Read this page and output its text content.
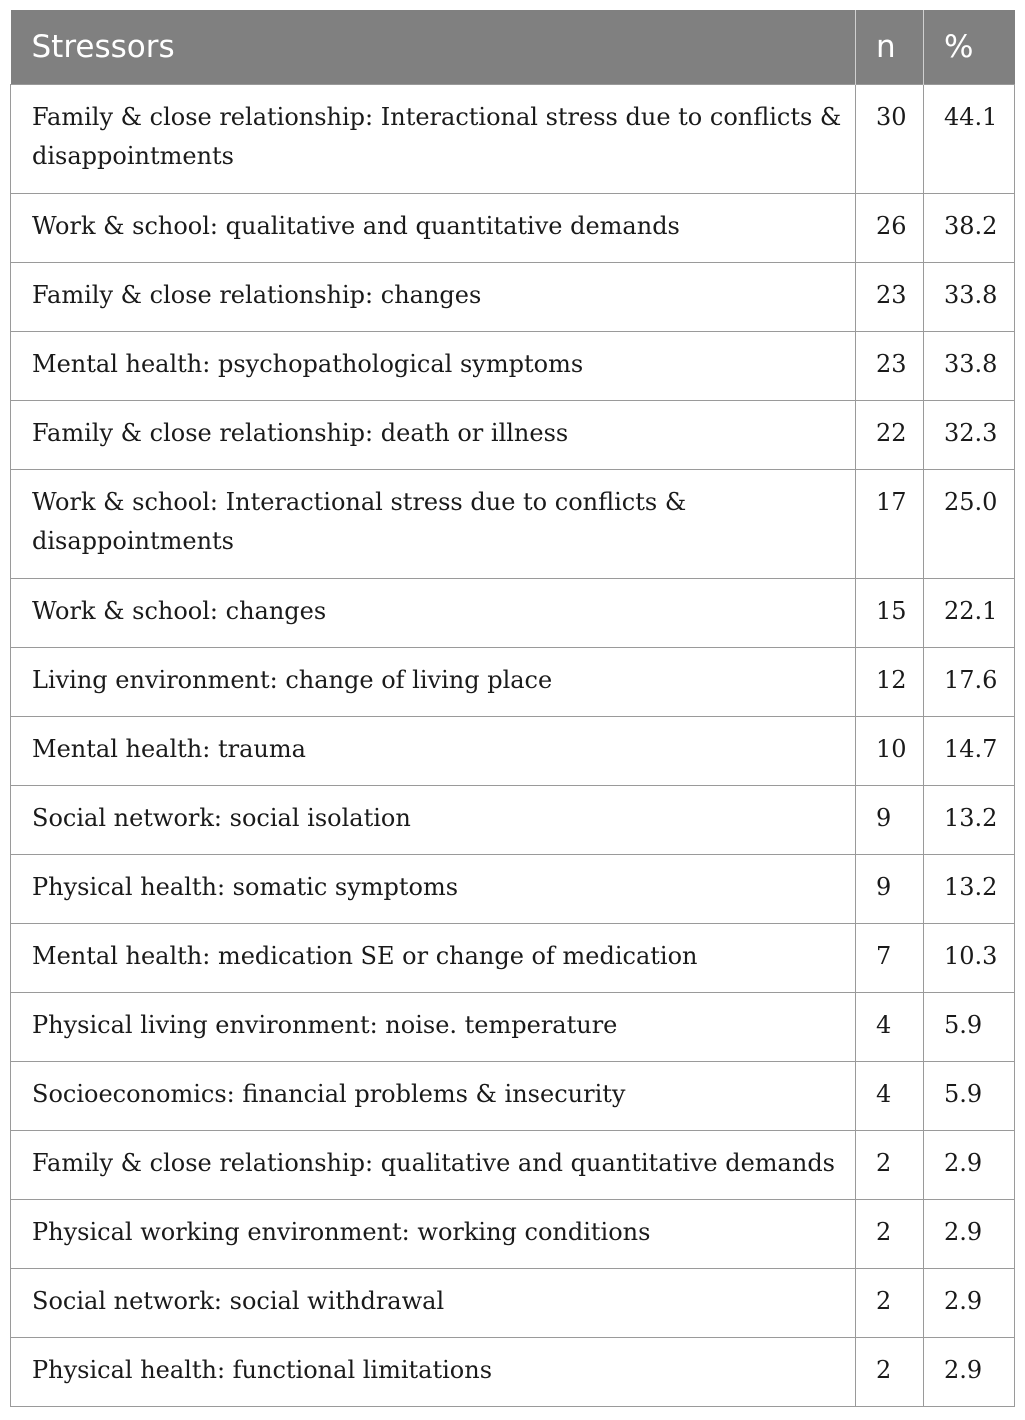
Stressors	n	%
Family & close relationship: Interactional stress due to conflicts & disappointments	30	44.1
Work & school: qualitative and quantitative demands	26	38.2
Family & close relationship: changes	23	33.8
Mental health: psychopathological symptoms	23	33.8
Family & close relationship: death or illness	22	32.3
Work & school: Interactional stress due to conflicts & disappointments	17	25.0
Work & school: changes	15	22.1
Living environment: change of living place	12	17.6
Mental health: trauma	10	14.7
Social network: social isolation	9	13.2
Physical health: somatic symptoms	9	13.2
Mental health: medication SE or change of medication	7	10.3
Physical living environment: noise. temperature	4	5.9
Socioeconomics: financial problems & insecurity	4	5.9
Family & close relationship: qualitative and quantitative demands	2	2.9
Physical working environment: working conditions	2	2.9
Social network: social withdrawal	2	2.9
Physical health: functional limitations	2	2.9
